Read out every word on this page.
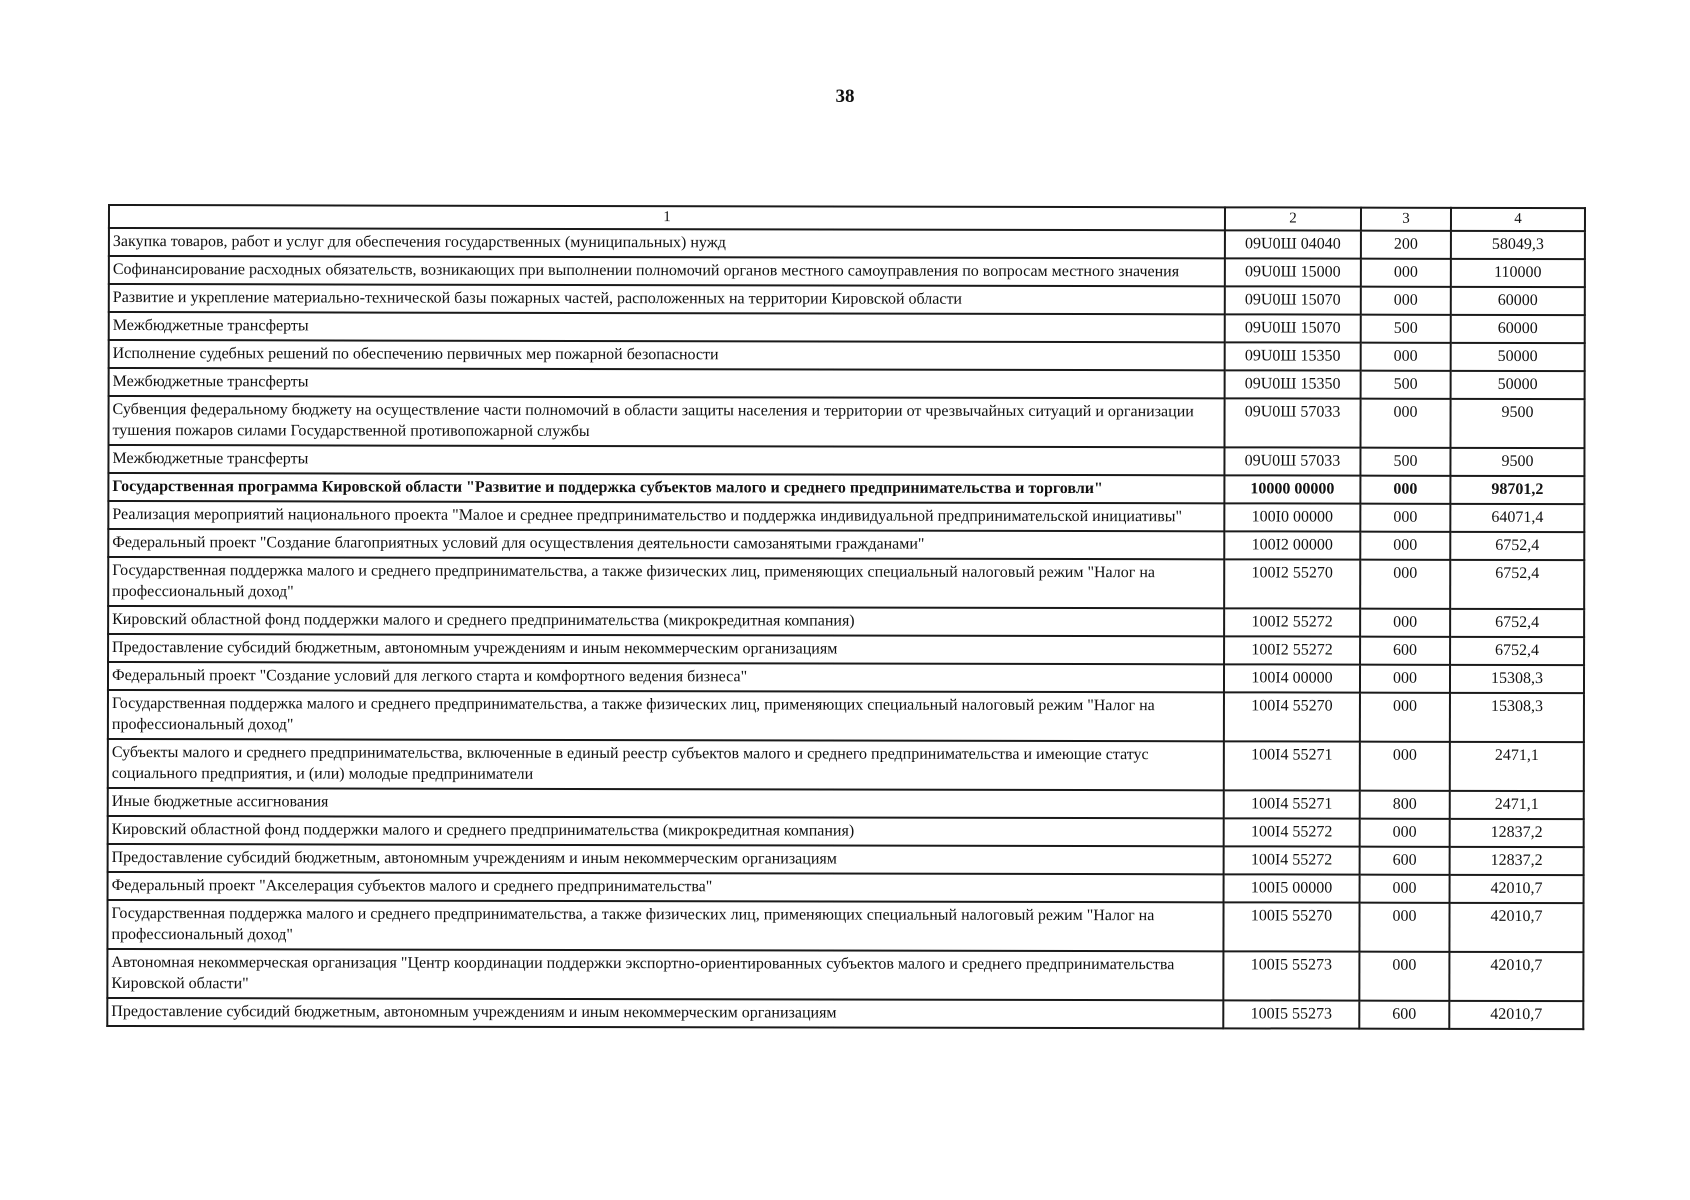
38
1	2	3	4
Закупка товаров, работ и услуг для обеспечения государственных (муниципальных) нужд	09U0Ш 04040	200	58049,3
Софинансирование расходных обязательств, возникающих при выполнении полномочий органов местного самоуправления по вопросам местного значения	09U0Ш 15000	000	110000
Развитие и укрепление материально-технической базы пожарных частей, расположенных на территории Кировской области	09U0Ш 15070	000	60000
Межбюджетные трансферты	09U0Ш 15070	500	60000
Исполнение судебных решений по обеспечению первичных мер пожарной безопасности	09U0Ш 15350	000	50000
Межбюджетные трансферты	09U0Ш 15350	500	50000
Субвенция федеральному бюджету на осуществление части полномочий в области защиты населения и территории от чрезвычайных ситуаций и организации тушения пожаров силами Государственной противопожарной службы	09U0Ш 57033	000	9500
Межбюджетные трансферты	09U0Ш 57033	500	9500
Государственная программа Кировской области "Развитие и поддержка субъектов малого и среднего предпринимательства и торговли"	10000 00000	000	98701,2
Реализация мероприятий национального проекта "Малое и среднее предпринимательство и поддержка индивидуальной предпринимательской инициативы"	100I0 00000	000	64071,4
Федеральный проект "Создание благоприятных условий для осуществления деятельности самозанятыми гражданами"	100I2 00000	000	6752,4
Государственная поддержка малого и среднего предпринимательства, а также физических лиц, применяющих специальный налоговый режим "Налог на профессиональный доход"	100I2 55270	000	6752,4
Кировский областной фонд поддержки малого и среднего предпринимательства (микрокредитная компания)	100I2 55272	000	6752,4
Предоставление субсидий бюджетным, автономным учреждениям и иным некоммерческим организациям	100I2 55272	600	6752,4
Федеральный проект "Создание условий для легкого старта и комфортного ведения бизнеса"	100I4 00000	000	15308,3
Государственная поддержка малого и среднего предпринимательства, а также физических лиц, применяющих специальный налоговый режим "Налог на профессиональный доход"	100I4 55270	000	15308,3
Субъекты малого и среднего предпринимательства, включенные в единый реестр субъектов малого и среднего предпринимательства и имеющие статус социального предприятия, и (или) молодые предприниматели	100I4 55271	000	2471,1
Иные бюджетные ассигнования	100I4 55271	800	2471,1
Кировский областной фонд поддержки малого и среднего предпринимательства (микрокредитная компания)	100I4 55272	000	12837,2
Предоставление субсидий бюджетным, автономным учреждениям и иным некоммерческим организациям	100I4 55272	600	12837,2
Федеральный проект "Акселерация субъектов малого и среднего предпринимательства"	100I5 00000	000	42010,7
Государственная поддержка малого и среднего предпринимательства, а также физических лиц, применяющих специальный налоговый режим "Налог на профессиональный доход"	100I5 55270	000	42010,7
Автономная некоммерческая организация "Центр координации поддержки экспортно-ориентированных субъектов малого и среднего предпринимательства Кировской области"	100I5 55273	000	42010,7
Предоставление субсидий бюджетным, автономным учреждениям и иным некоммерческим организациям	100I5 55273	600	42010,7
